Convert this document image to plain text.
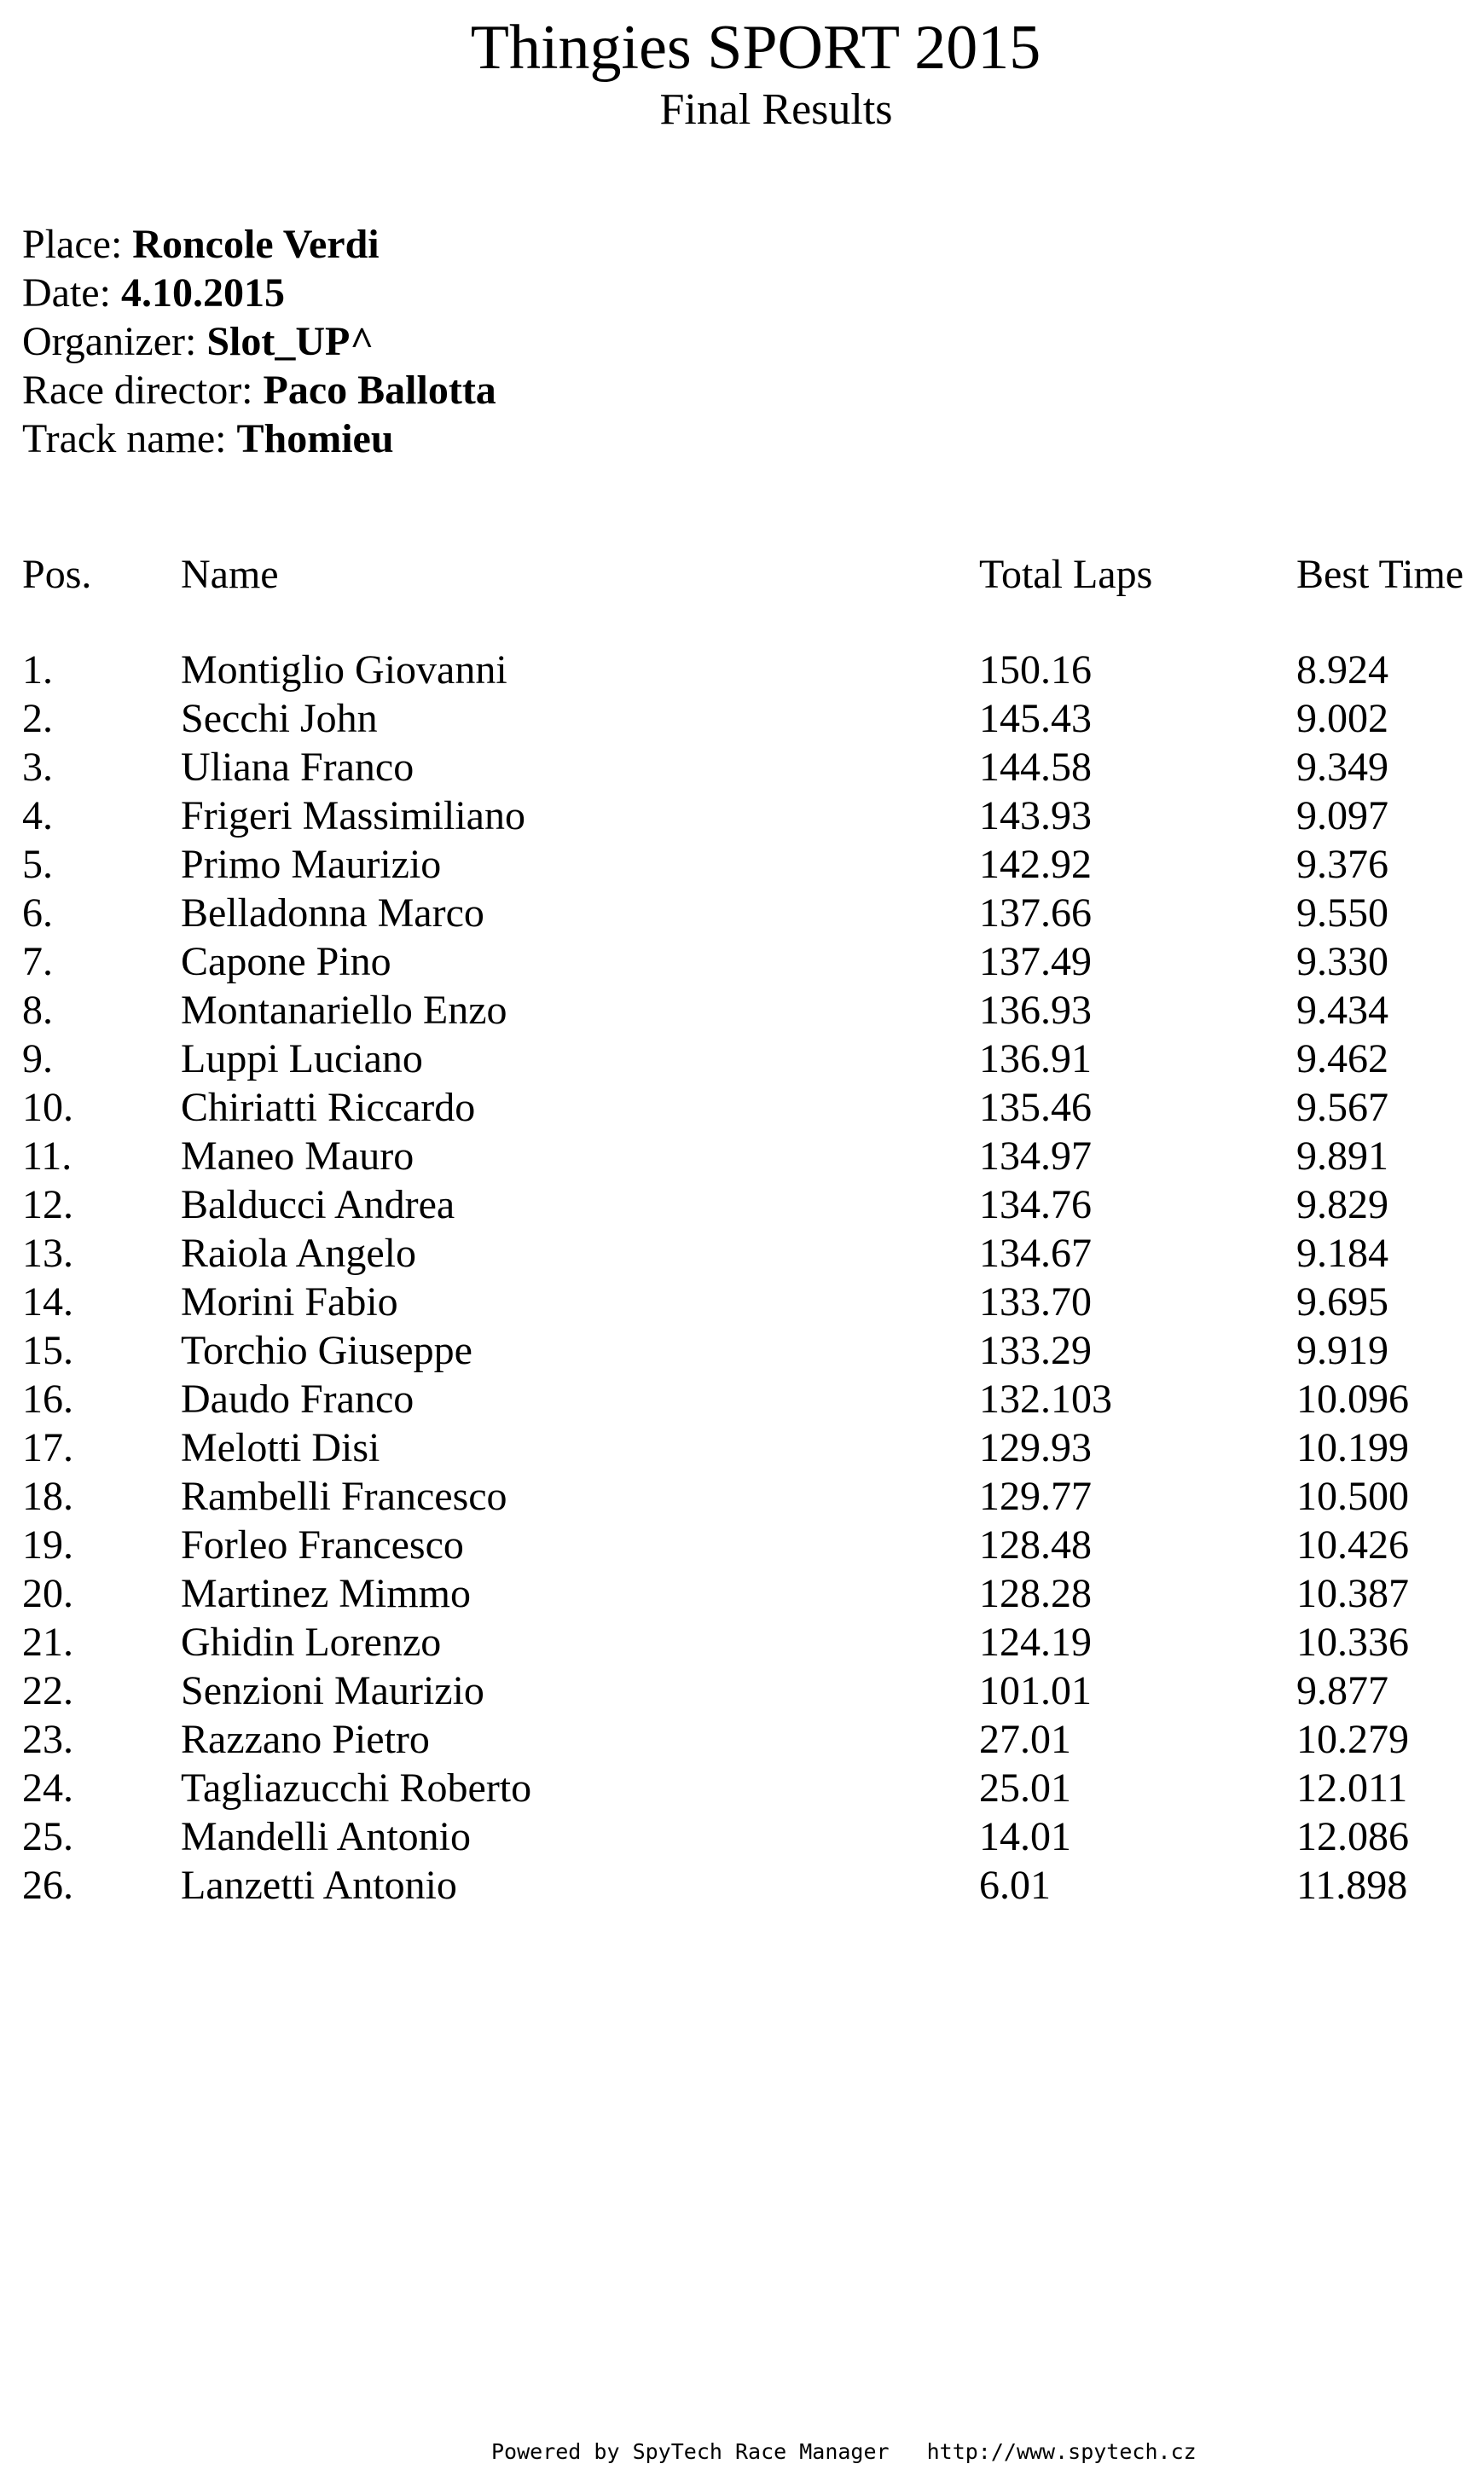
Thingies SPORT 2015
Final Results
Place: Roncole Verdi
Date: 4.10.2015
Organizer: Slot_UP^
Race director: Paco Ballotta
Track name: Thomieu
Pos. Name	Total Laps	Best Time
1.	Montiglio Giovanni	150.16	8.924
2.	Secchi John	145.43	9.002
3.	Uliana Franco	144.58	9.349
4.	Frigeri Massimiliano	143.93	9.097
5.	Primo Maurizio	142.92	9.376
6.	Belladonna Marco	137.66	9.550
7.	Capone Pino	137.49	9.330
8.	Montanariello Enzo	136.93	9.434
9.	Luppi Luciano	136.91	9.462
10.	Chiriatti Riccardo	135.46	9.567
11.	Maneo Mauro	134.97	9.891
12.	Balducci Andrea	134.76	9.829
13.	Raiola Angelo	134.67	9.184
14.	Morini Fabio	133.70	9.695
15.	Torchio Giuseppe	133.29	9.919
16.	Daudo Franco	132.103	10.096
17.	Melotti Disi	129.93	10.199
18.	Rambelli Francesco	129.77	10.500
19.	Forleo Francesco	128.48	10.426
20.	Martinez Mimmo	128.28	10.387
21.	Ghidin Lorenzo	124.19	10.336
22.	Senzioni Maurizio	101.01	9.877
23.	Razzano Pietro	27.01	10.279
24.	Tagliazucchi Roberto	25.01	12.011
25.	Mandelli Antonio	14.01	12.086
26.	Lanzetti Antonio	6.01	11.898
Powered by SpyTech Race Manager http://www.spytech.cz
